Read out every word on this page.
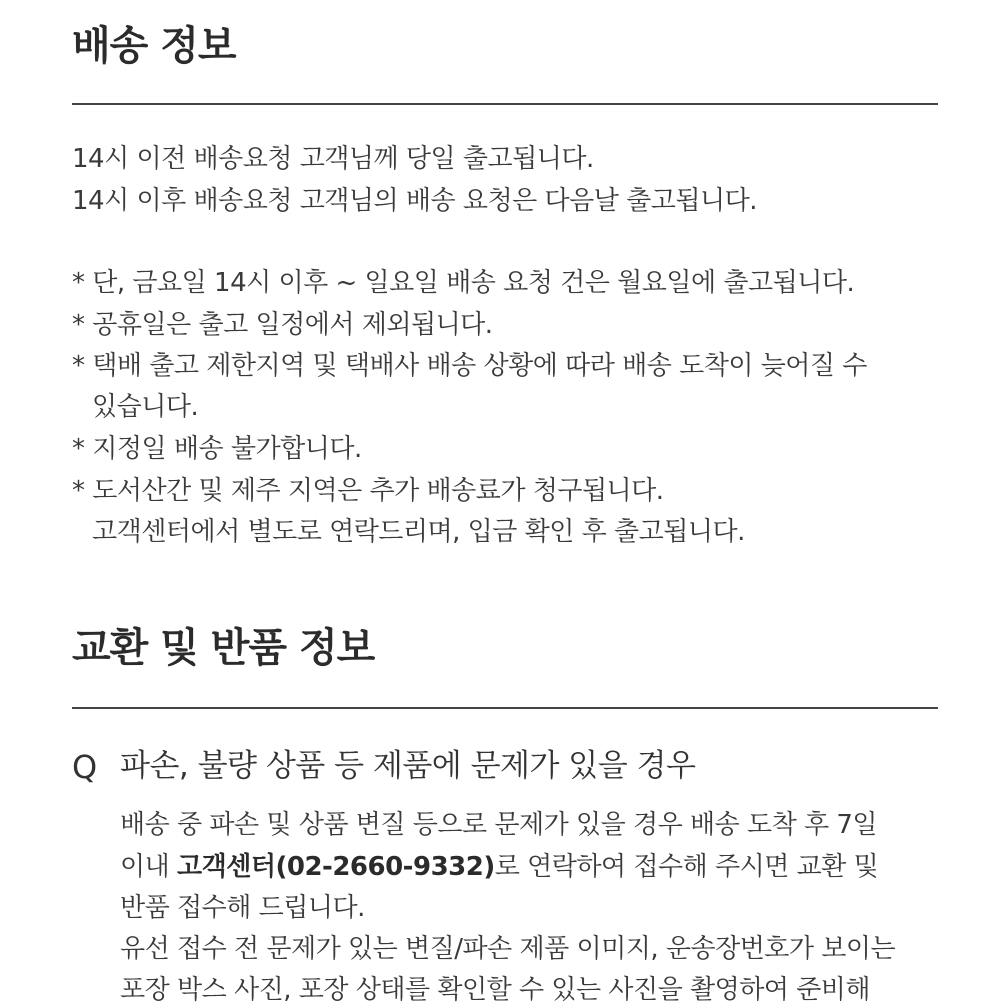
배송 정보
14시 이전 배송요청 고객님께 당일 출고됩니다.
14시 이후 배송요청 고객님의 배송 요청은 다음날 출고됩니다.
* 단, 금요일 14시 이후 ~ 일요일 배송 요청 건은 월요일에 출고됩니다.
* 공휴일은 출고 일정에서 제외됩니다.
* 택배 출고 제한지역 및 택배사 배송 상황에 따라 배송 도착이 늦어질 수
있습니다.
* 지정일 배송 불가합니다.
* 도서산간 및 제주 지역은 추가 배송료가 청구됩니다.
고객센터에서 별도로 연락드리며, 입금 확인 후 출고됩니다.
교환 및 반품 정보
Q 파손, 불량 상품 등 제품에 문제가 있을 경우
배송 중 파손 및 상품 변질 등으로 문제가 있을 경우 배송 도착 후 7일
이내 고객센터(02-2660-9332)로 연락하여 접수해 주시면 교환 및
반품 접수해 드립니다.
유선 접수 전 문제가 있는 변질/파손 제품 이미지, 운송장번호가 보이는
포장 박스 사진, 포장 상태를 확인할 수 있는 사진을 촬영하여 준비해
